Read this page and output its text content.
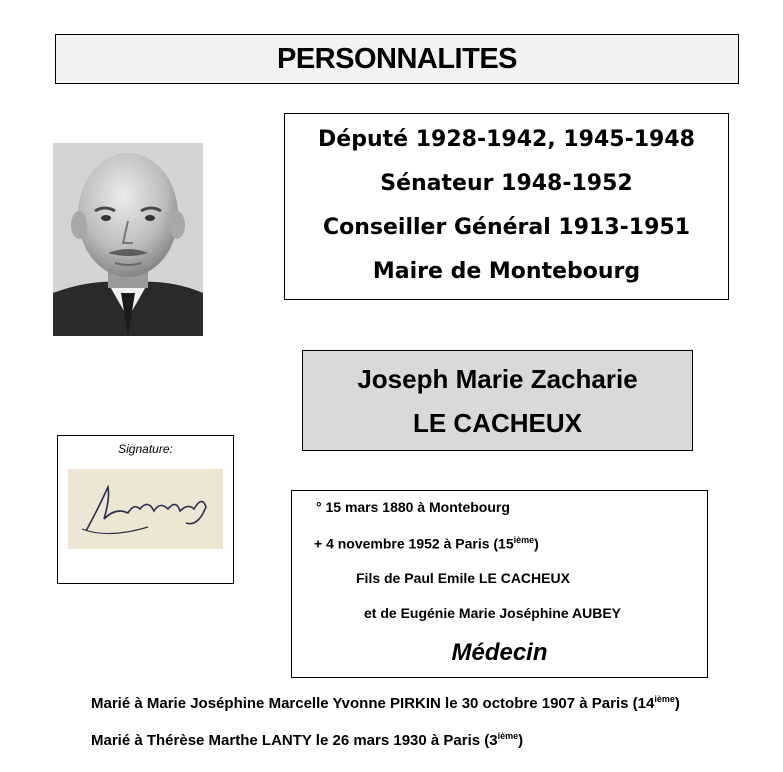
PERSONNALITES
Député 1928-1942, 1945-1948
Sénateur 1948-1952
Conseiller Général 1913-1951
Maire de Montebourg
Joseph Marie Zacharie
LE CACHEUX
Signature:
° 15 mars 1880 à Montebourg
+ 4 novembre 1952 à Paris (15ième)
Fils de Paul Emile LE CACHEUX
et de Eugénie Marie Joséphine AUBEY
Médecin
Marié à Marie Joséphine Marcelle Yvonne PIRKIN le 30 octobre 1907 à Paris (14ième)
Marié à Thérèse Marthe LANTY le 26 mars 1930 à Paris (3ième)
